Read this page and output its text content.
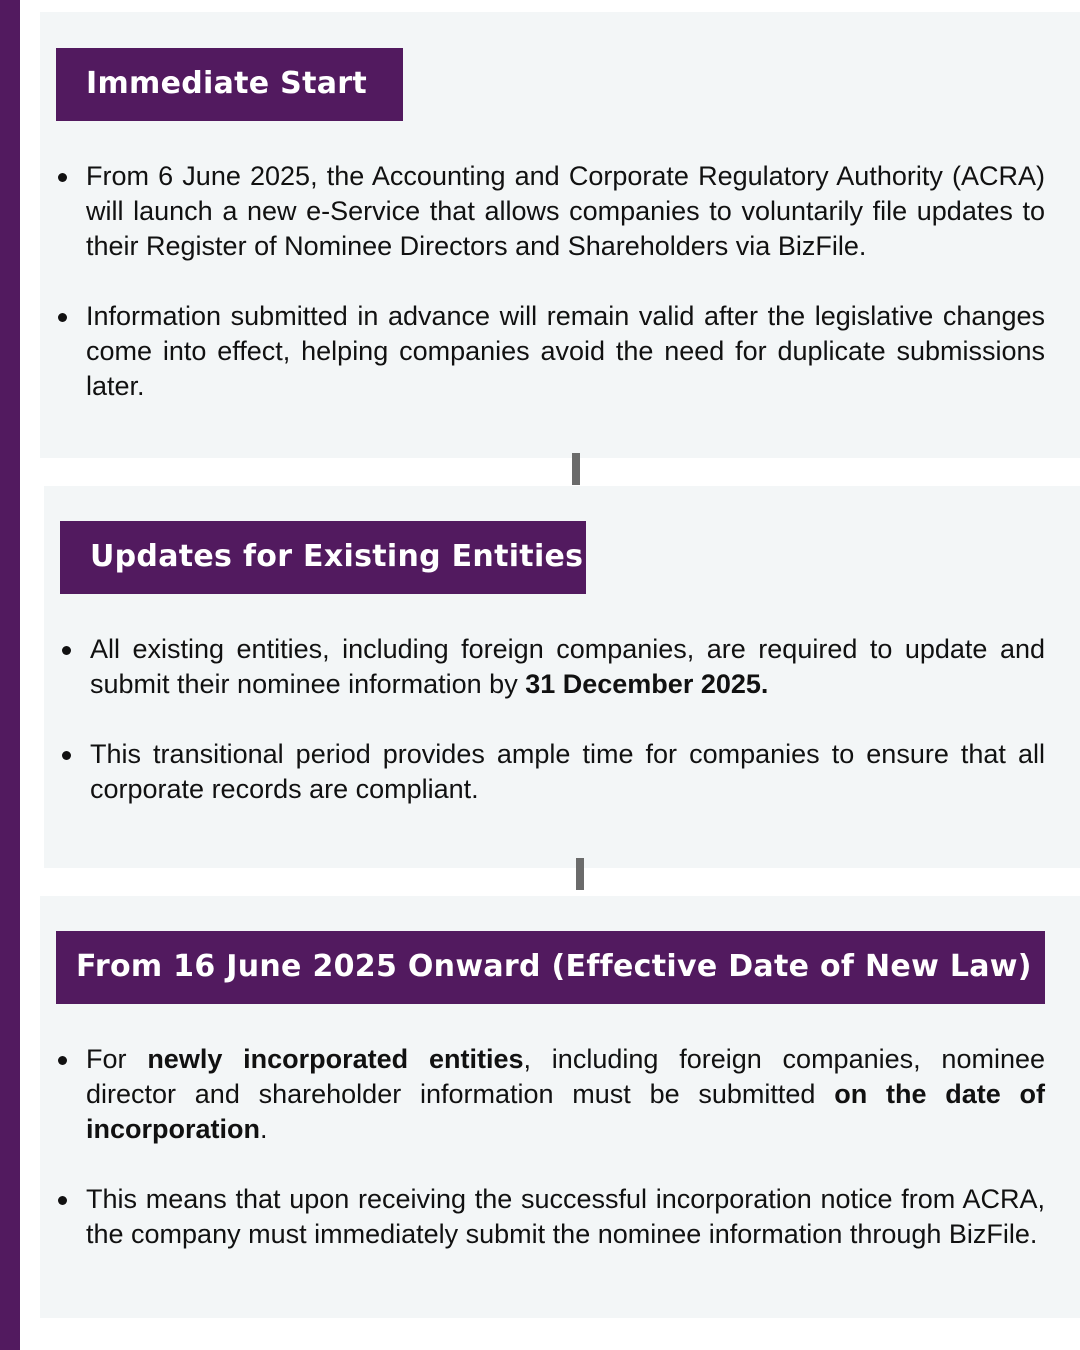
Immediate Start
From 6 June 2025, the Accounting and Corporate Regulatory Authority (ACRA) will launch a new e-Service that allows companies to voluntarily file updates to their Register of Nominee Directors and Shareholders via BizFile.
Information submitted in advance will remain valid after the legislative changes come into effect, helping companies avoid the need for duplicate submissions later.
Updates for Existing Entities
All existing entities, including foreign companies, are required to update and submit their nominee information by 31 December 2025.
This transitional period provides ample time for companies to ensure that all corporate records are compliant.
From 16 June 2025 Onward (Effective Date of New Law)
For newly incorporated entities, including foreign companies, nominee director and shareholder information must be submitted on the date of incorporation.
This means that upon receiving the successful incorporation notice from ACRA, the company must immediately submit the nominee information through BizFile.
